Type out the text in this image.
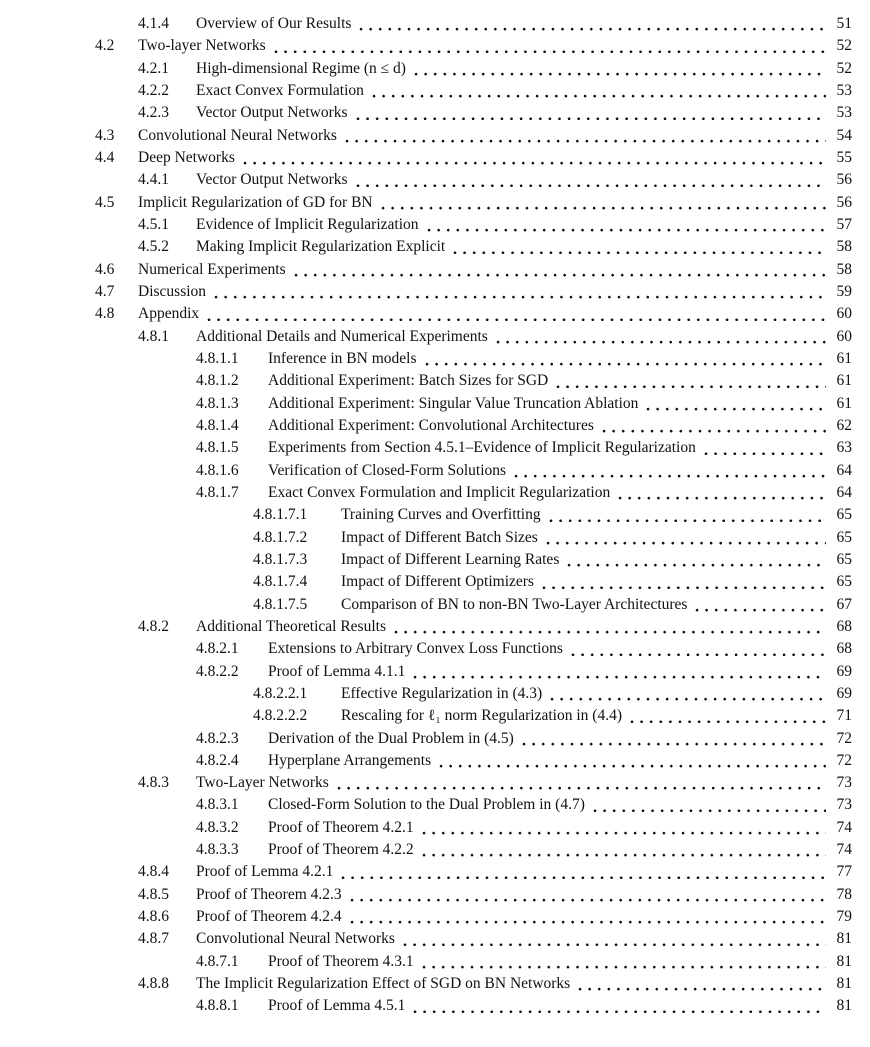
4.1.4	Overview of Our Results	51
4.2	Two-layer Networks	52
4.2.1	High-dimensional Regime (n ≤ d)	52
4.2.2	Exact Convex Formulation	53
4.2.3	Vector Output Networks	53
4.3	Convolutional Neural Networks	54
4.4	Deep Networks	55
4.4.1	Vector Output Networks	56
4.5	Implicit Regularization of GD for BN	56
4.5.1	Evidence of Implicit Regularization	57
4.5.2	Making Implicit Regularization Explicit	58
4.6	Numerical Experiments	58
4.7	Discussion	59
4.8	Appendix	60
4.8.1	Additional Details and Numerical Experiments	60
4.8.1.1	Inference in BN models	61
4.8.1.2	Additional Experiment: Batch Sizes for SGD	61
4.8.1.3	Additional Experiment: Singular Value Truncation Ablation	61
4.8.1.4	Additional Experiment: Convolutional Architectures	62
4.8.1.5	Experiments from Section 4.5.1–Evidence of Implicit Regularization	63
4.8.1.6	Verification of Closed-Form Solutions	64
4.8.1.7	Exact Convex Formulation and Implicit Regularization	64
4.8.1.7.1	Training Curves and Overfitting	65
4.8.1.7.2	Impact of Different Batch Sizes	65
4.8.1.7.3	Impact of Different Learning Rates	65
4.8.1.7.4	Impact of Different Optimizers	65
4.8.1.7.5	Comparison of BN to non-BN Two-Layer Architectures	67
4.8.2	Additional Theoretical Results	68
4.8.2.1	Extensions to Arbitrary Convex Loss Functions	68
4.8.2.2	Proof of Lemma 4.1.1	69
4.8.2.2.1	Effective Regularization in (4.3)	69
4.8.2.2.2	Rescaling for ℓ₁ norm Regularization in (4.4)	71
4.8.2.3	Derivation of the Dual Problem in (4.5)	72
4.8.2.4	Hyperplane Arrangements	72
4.8.3	Two-Layer Networks	73
4.8.3.1	Closed-Form Solution to the Dual Problem in (4.7)	73
4.8.3.2	Proof of Theorem 4.2.1	74
4.8.3.3	Proof of Theorem 4.2.2	74
4.8.4	Proof of Lemma 4.2.1	77
4.8.5	Proof of Theorem 4.2.3	78
4.8.6	Proof of Theorem 4.2.4	79
4.8.7	Convolutional Neural Networks	81
4.8.7.1	Proof of Theorem 4.3.1	81
4.8.8	The Implicit Regularization Effect of SGD on BN Networks	81
4.8.8.1	Proof of Lemma 4.5.1	81
